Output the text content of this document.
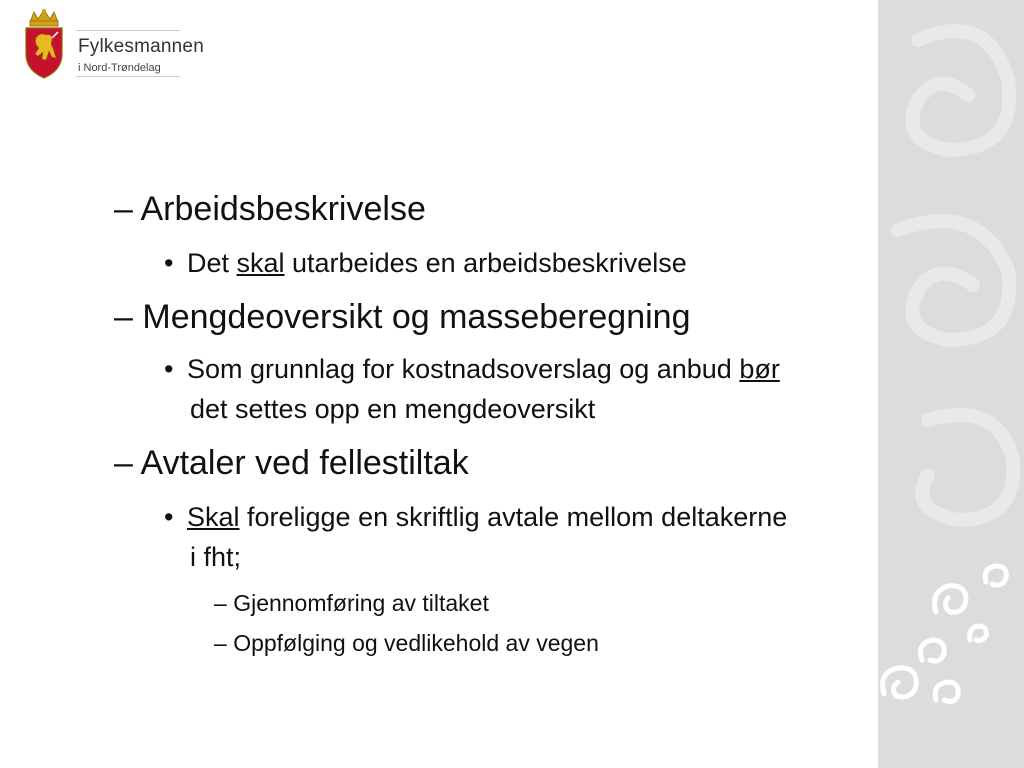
Fylkesmannen
i Nord-Trøndelag
– Arbeidsbeskrivelse
• Det skal utarbeides en arbeidsbeskrivelse
– Mengdeoversikt og masseberegning
• Som grunnlag for kostnadsoverslag og anbud bør
det settes opp en mengdeoversikt
– Avtaler ved fellestiltak
• Skal foreligge en skriftlig avtale mellom deltakerne
i fht;
– Gjennomføring av tiltaket
– Oppfølging og vedlikehold av vegen
